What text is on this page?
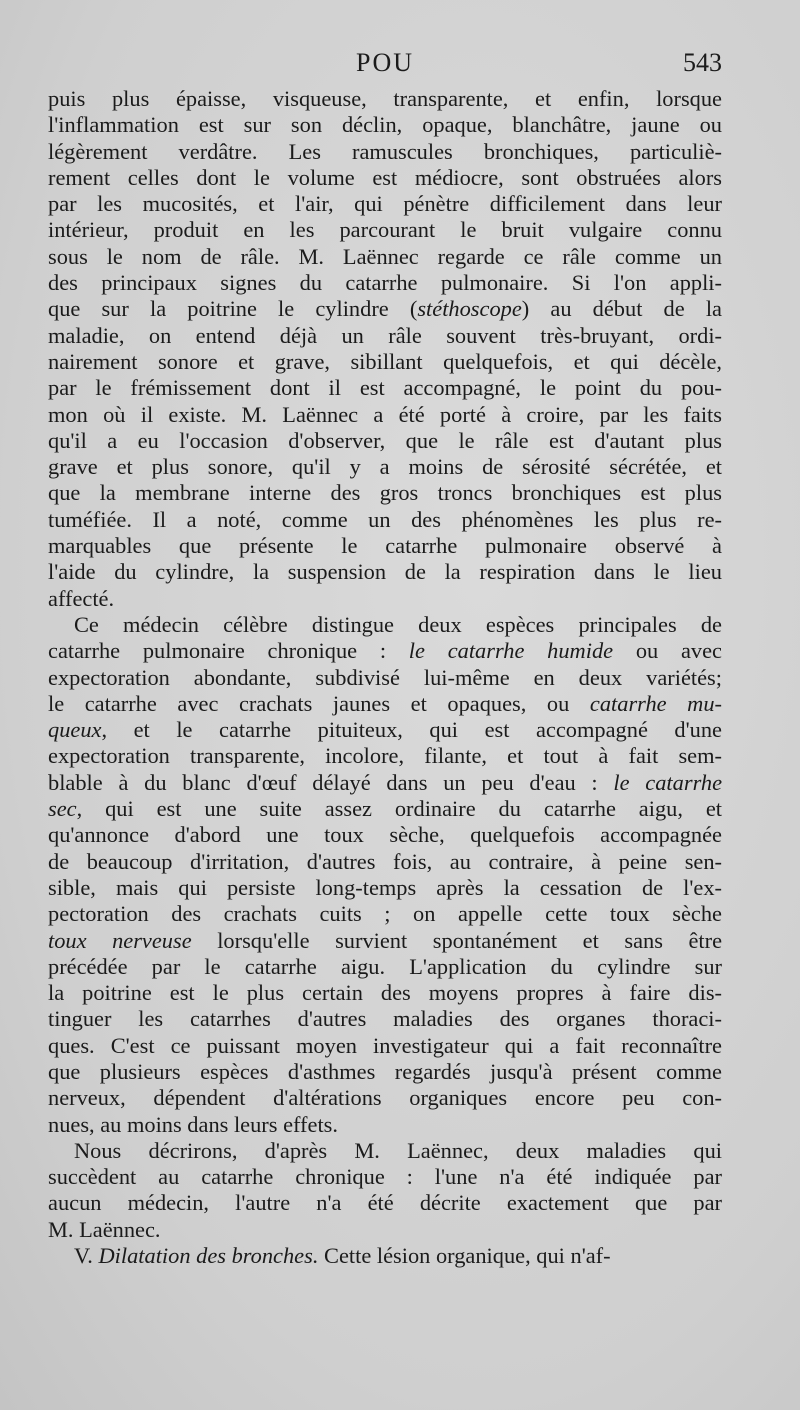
POU	543
puis plus épaisse, visqueuse, transparente, et enfin, lorsque
l'inflammation est sur son déclin, opaque, blanchâtre, jaune ou
légèrement verdâtre. Les ramuscules bronchiques, particuliè-
rement celles dont le volume est médiocre, sont obstruées alors
par les mucosités, et l'air, qui pénètre difficilement dans leur
intérieur, produit en les parcourant le bruit vulgaire connu
sous le nom de râle. M. Laënnec regarde ce râle comme un
des principaux signes du catarrhe pulmonaire. Si l'on appli-
que sur la poitrine le cylindre (stéthoscope) au début de la
maladie, on entend déjà un râle souvent très-bruyant, ordi-
nairement sonore et grave, sibillant quelquefois, et qui décèle,
par le frémissement dont il est accompagné, le point du pou-
mon où il existe. M. Laënnec a été porté à croire, par les faits
qu'il a eu l'occasion d'observer, que le râle est d'autant plus
grave et plus sonore, qu'il y a moins de sérosité sécrétée, et
que la membrane interne des gros troncs bronchiques est plus
tuméfiée. Il a noté, comme un des phénomènes les plus re-
marquables que présente le catarrhe pulmonaire observé à
l'aide du cylindre, la suspension de la respiration dans le lieu
affecté.
Ce médecin célèbre distingue deux espèces principales de
catarrhe pulmonaire chronique : le catarrhe humide ou avec
expectoration abondante, subdivisé lui-même en deux variétés;
le catarrhe avec crachats jaunes et opaques, ou catarrhe mu-
queux, et le catarrhe pituiteux, qui est accompagné d'une
expectoration transparente, incolore, filante, et tout à fait sem-
blable à du blanc d'œuf délayé dans un peu d'eau : le catarrhe
sec, qui est une suite assez ordinaire du catarrhe aigu, et
qu'annonce d'abord une toux sèche, quelquefois accompagnée
de beaucoup d'irritation, d'autres fois, au contraire, à peine sen-
sible, mais qui persiste long-temps après la cessation de l'ex-
pectoration des crachats cuits ; on appelle cette toux sèche
toux nerveuse lorsqu'elle survient spontanément et sans être
précédée par le catarrhe aigu. L'application du cylindre sur
la poitrine est le plus certain des moyens propres à faire dis-
tinguer les catarrhes d'autres maladies des organes thoraci-
ques. C'est ce puissant moyen investigateur qui a fait reconnaître
que plusieurs espèces d'asthmes regardés jusqu'à présent comme
nerveux, dépendent d'altérations organiques encore peu con-
nues, au moins dans leurs effets.
Nous décrirons, d'après M. Laënnec, deux maladies qui
succèdent au catarrhe chronique : l'une n'a été indiquée par
aucun médecin, l'autre n'a été décrite exactement que par
M. Laënnec.
V. Dilatation des bronches. Cette lésion organique, qui n'af-
